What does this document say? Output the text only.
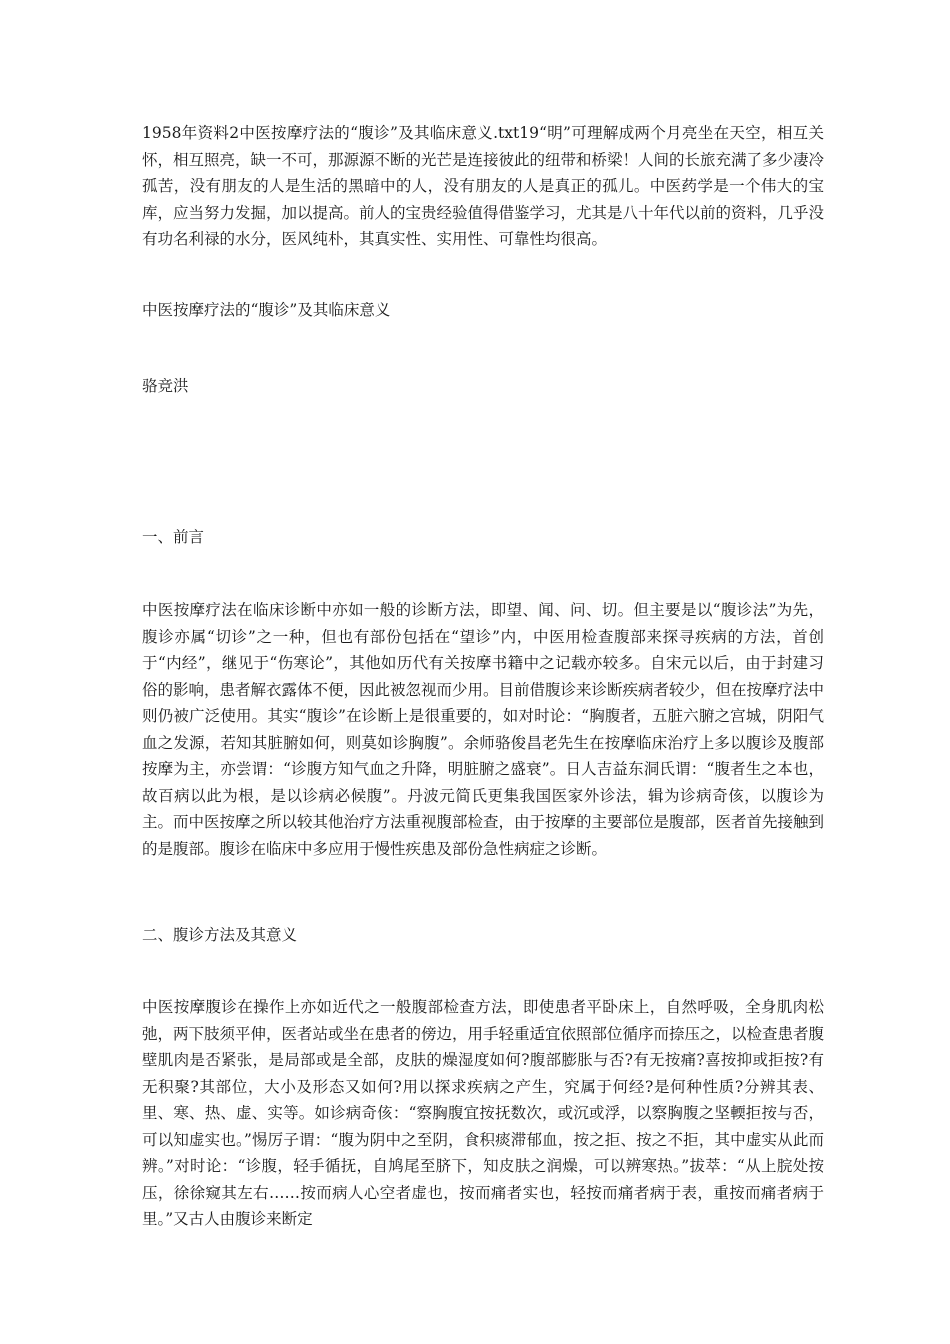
1958年资料2中医按摩疗法的“腹诊”及其临床意义.txt19“明”可理解成两个月亮坐在天空，相互关怀，相互照亮，缺一不可，那源源不断的光芒是连接彼此的纽带和桥梁！人间的长旅充满了多少凄冷孤苦，没有朋友的人是生活的黑暗中的人，没有朋友的人是真正的孤儿。中医药学是一个伟大的宝库，应当努力发掘，加以提高。前人的宝贵经验值得借鉴学习，尤其是八十年代以前的资料，几乎没有功名利禄的水分，医风纯朴，其真实性、实用性、可靠性均很高。
中医按摩疗法的“腹诊”及其临床意义
骆竞洪
一、前言
中医按摩疗法在临床诊断中亦如一般的诊断方法，即望、闻、问、切。但主要是以“腹诊法”为先，腹诊亦属“切诊”之一种，但也有部份包括在“望诊”内，中医用检查腹部来探寻疾病的方法，首创于“内经”，继见于“伤寒论”，其他如历代有关按摩书籍中之记载亦较多。自宋元以后，由于封建习俗的影响，患者解衣露体不便，因此被忽视而少用。目前借腹诊来诊断疾病者较少，但在按摩疗法中则仍被广泛使用。其实“腹诊”在诊断上是很重要的，如对时论：“胸腹者，五脏六腑之宫城，阴阳气血之发源，若知其脏腑如何，则莫如诊胸腹”。余师骆俊昌老先生在按摩临床治疗上多以腹诊及腹部按摩为主，亦尝谓：“诊腹方知气血之升降，明脏腑之盛衰”。日人吉益东洞氏谓：“腹者生之本也，故百病以此为根，是以诊病必候腹”。丹波元简氏更集我国医家外诊法，辑为诊病奇侅，以腹诊为主。而中医按摩之所以较其他治疗方法重视腹部检查，由于按摩的主要部位是腹部，医者首先接触到的是腹部。腹诊在临床中多应用于慢性疾患及部份急性病症之诊断。
二、腹诊方法及其意义
中医按摩腹诊在操作上亦如近代之一般腹部检查方法，即使患者平卧床上，自然呼吸，全身肌肉松弛，两下肢须平伸，医者站或坐在患者的傍边，用手轻重适宜依照部位循序而捺压之，以检查患者腹壁肌肉是否紧张，是局部或是全部，皮肤的燥湿度如何?腹部膨胀与否?有无按痛?喜按抑或拒按?有无积聚?其部位，大小及形态又如何?用以探求疾病之产生，究属于何经?是何种性质?分辨其表、里、寒、热、虚、实等。如诊病奇侅：“察胸腹宜按抚数次，或沉或浮，以察胸腹之坚輭拒按与否，可以知虚实也。”惕厉子谓：“腹为阴中之至阴，食积痰滞郁血，按之拒、按之不拒，其中虚实从此而辨。”对时论：“诊腹，轻手循抚，自鸠尾至脐下，知皮肤之润燥，可以辨寒热。”拔萃：“从上脘处按压，徐徐窥其左右……按而病人心空者虚也，按而痛者实也，轻按而痛者病于表，重按而痛者病于里。”又古人由腹诊来断定
